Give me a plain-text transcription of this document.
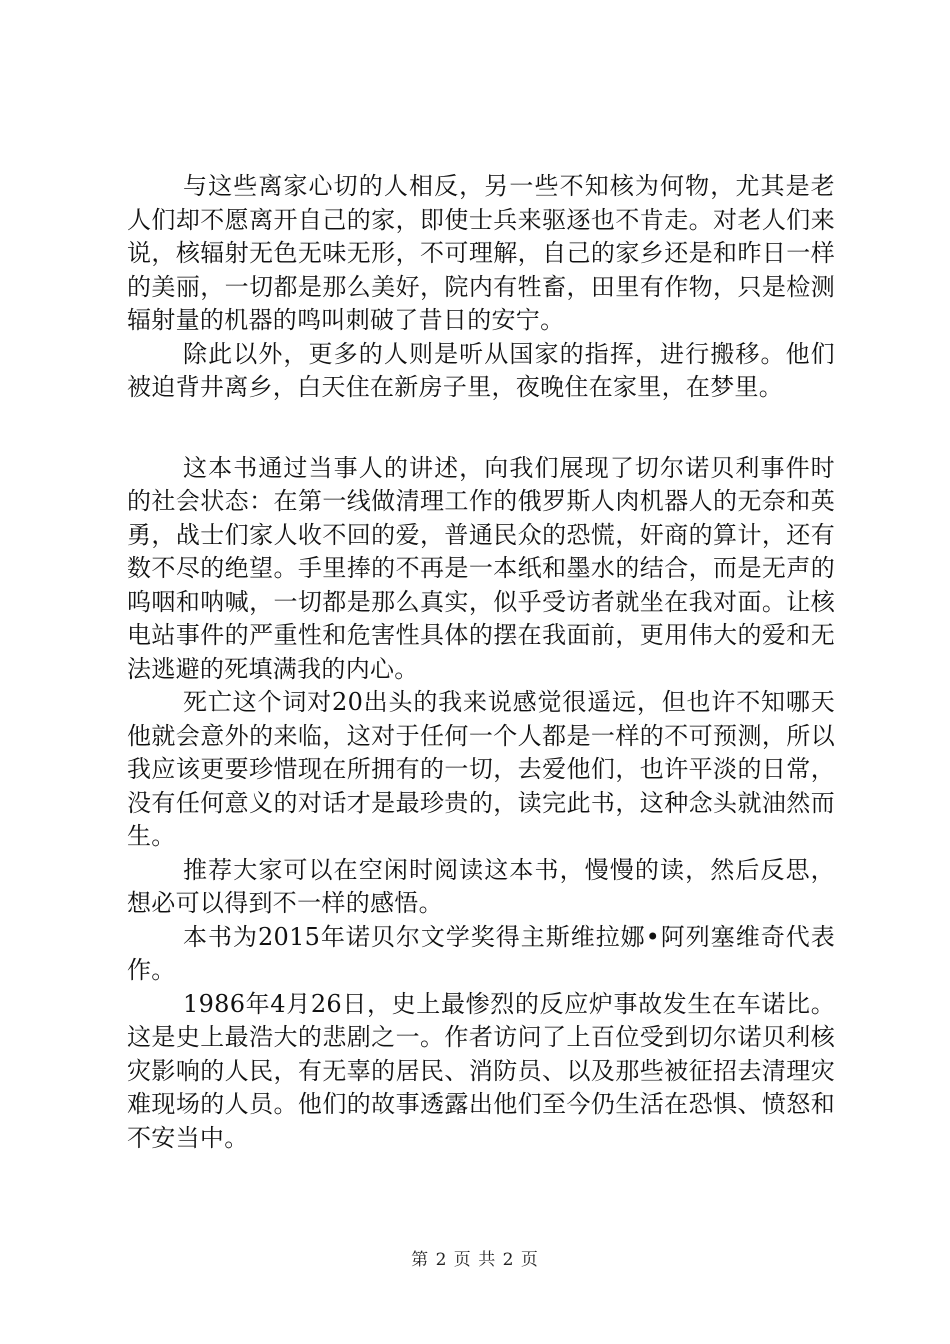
与这些离家心切的人相反，另一些不知核为何物，尤其是老人们却不愿离开自己的家，即使士兵来驱逐也不肯走。对老人们来说，核辐射无色无味无形，不可理解，自己的家乡还是和昨日一样的美丽，一切都是那么美好，院内有牲畜，田里有作物，只是检测辐射量的机器的鸣叫刺破了昔日的安宁。

除此以外，更多的人则是听从国家的指挥，进行搬移。他们被迫背井离乡，白天住在新房子里，夜晚住在家里，在梦里。

这本书通过当事人的讲述，向我们展现了切尔诺贝利事件时的社会状态：在第一线做清理工作的俄罗斯人肉机器人的无奈和英勇，战士们家人收不回的爱，普通民众的恐慌，奸商的算计，还有数不尽的绝望。手里捧的不再是一本纸和墨水的结合，而是无声的呜咽和呐喊，一切都是那么真实，似乎受访者就坐在我对面。让核电站事件的严重性和危害性具体的摆在我面前，更用伟大的爱和无法逃避的死填满我的内心。

死亡这个词对20出头的我来说感觉很遥远，但也许不知哪天他就会意外的来临，这对于任何一个人都是一样的不可预测，所以我应该更要珍惜现在所拥有的一切，去爱他们，也许平淡的日常，没有任何意义的对话才是最珍贵的，读完此书，这种念头就油然而生。

推荐大家可以在空闲时阅读这本书，慢慢的读，然后反思，想必可以得到不一样的感悟。

本书为2015年诺贝尔文学奖得主斯维拉娜•阿列塞维奇代表作。

1986年4月26日，史上最惨烈的反应炉事故发生在车诺比。这是史上最浩大的悲剧之一。作者访问了上百位受到切尔诺贝利核灾影响的人民，有无辜的居民、消防员、以及那些被征招去清理灾难现场的人员。他们的故事透露出他们至今仍生活在恐惧、愤怒和不安当中。

第 2 页 共 2 页
